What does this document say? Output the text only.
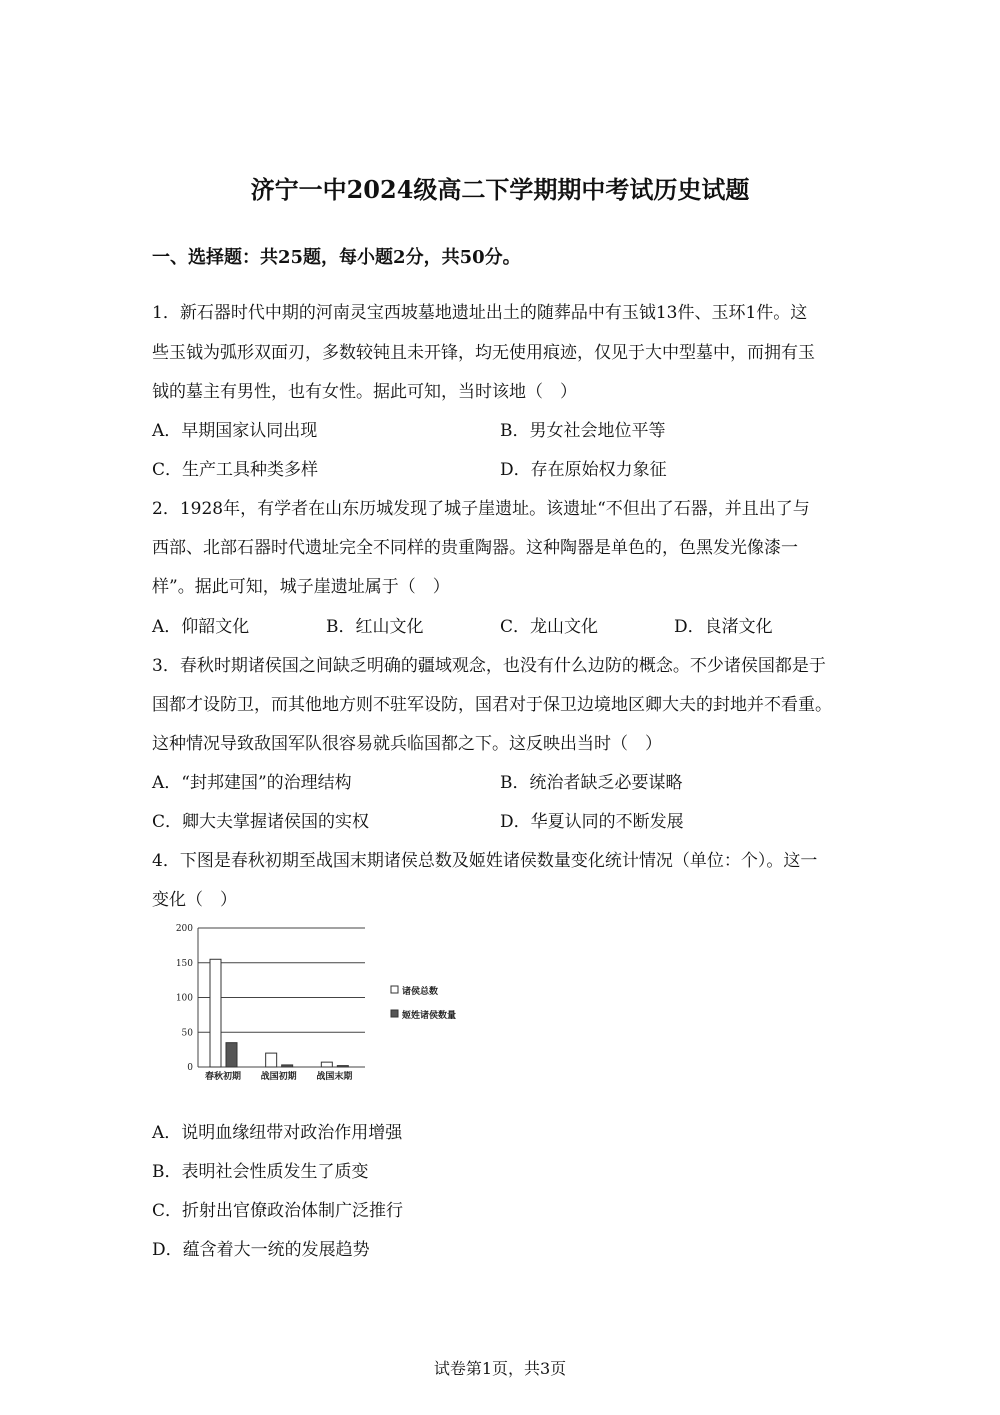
济宁一中2024级高二下学期期中考试历史试题
一、选择题：共25题，每小题2分，共50分。
1．新石器时代中期的河南灵宝西坡墓地遗址出土的随葬品中有玉钺13件、玉环1件。这
些玉钺为弧形双面刃，多数较钝且未开锋，均无使用痕迹，仅见于大中型墓中，而拥有玉
钺的墓主有男性，也有女性。据此可知，当时该地（　）
A．早期国家认同出现	B．男女社会地位平等
C．生产工具种类多样	D．存在原始权力象征
2．1928年，有学者在山东历城发现了城子崖遗址。该遗址“不但出了石器，并且出了与
西部、北部石器时代遗址完全不同样的贵重陶器。这种陶器是单色的，色黑发光像漆一
样”。据此可知，城子崖遗址属于（　）
A．仰韶文化	B．红山文化	C．龙山文化	D．良渚文化
3．春秋时期诸侯国之间缺乏明确的疆域观念，也没有什么边防的概念。不少诸侯国都是于
国都才设防卫，而其他地方则不驻军设防，国君对于保卫边境地区卿大夫的封地并不看重。
这种情况导致敌国军队很容易就兵临国都之下。这反映出当时（　）
A．“封邦建国”的治理结构	B．统治者缺乏必要谋略
C．卿大夫掌握诸侯国的实权	D．华夏认同的不断发展
4．下图是春秋初期至战国末期诸侯总数及姬姓诸侯数量变化统计情况（单位：个）。这一
变化（　）
0
50
100
150
200
春秋初期 战国初期 战国末期
诸侯总数
姬姓诸侯数量
A．说明血缘纽带对政治作用增强
B．表明社会性质发生了质变
C．折射出官僚政治体制广泛推行
D．蕴含着大一统的发展趋势
试卷第1页，共3页
